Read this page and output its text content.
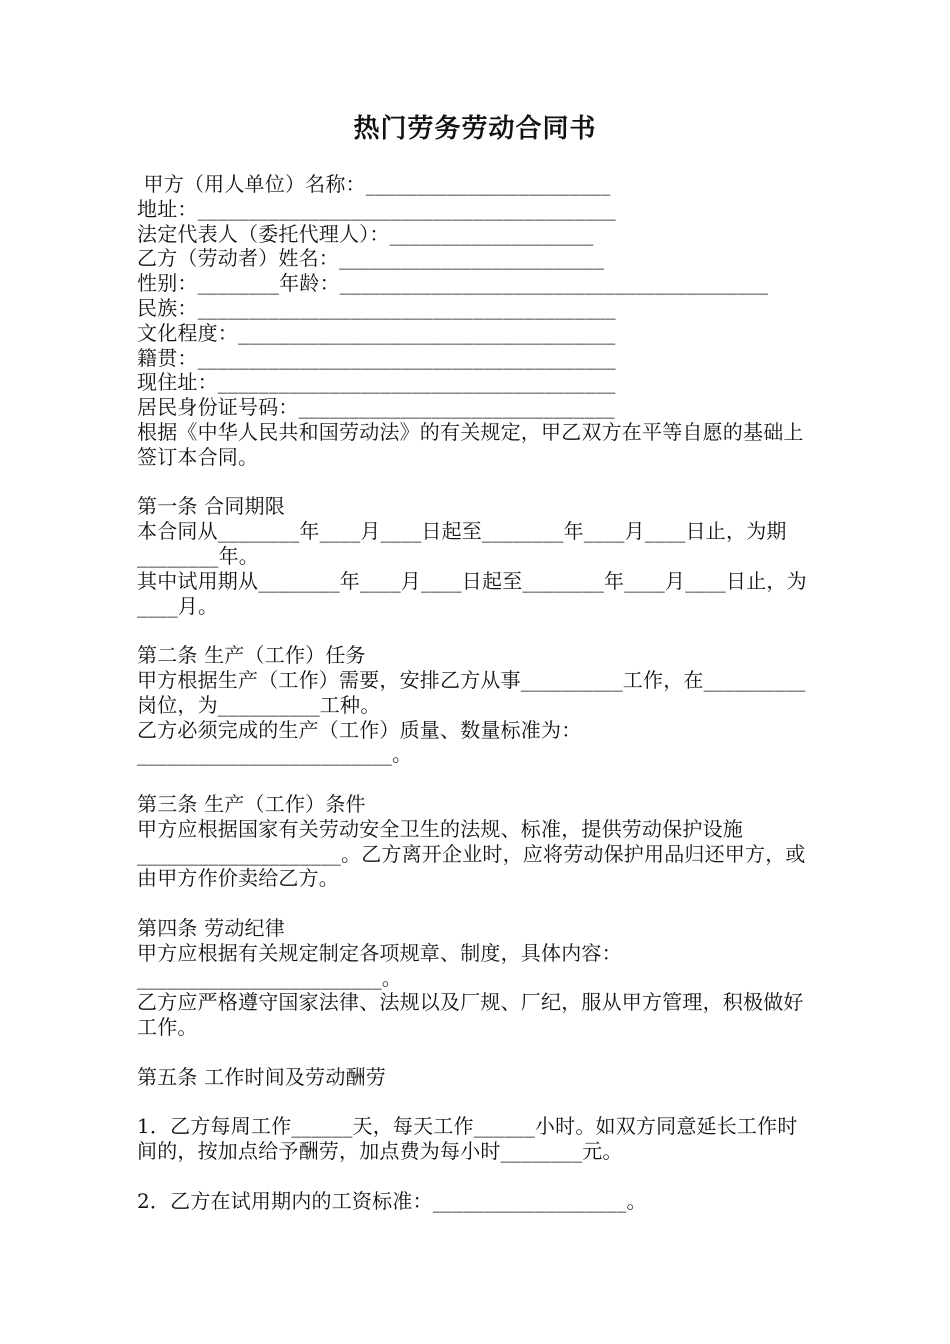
热门劳务劳动合同书
甲方（用人单位）名称：________________________
地址：_________________________________________
法定代表人（委托代理人）：____________________
乙方（劳动者）姓名：__________________________
性别：________年龄：__________________________________________
民族：_________________________________________
文化程度：_____________________________________
籍贯：_________________________________________
现住址：_______________________________________
居民身份证号码：_______________________________

根据《中华人民共和国劳动法》的有关规定，甲乙双方在平等自愿的基础上签订本合同。

第一条 合同期限

本合同从________年____月____日起至________年____月____日止，为期________年。

其中试用期从________年____月____日起至________年____月____日止，为____月。

第二条 生产（工作）任务

甲方根据生产（工作）需要，安排乙方从事__________工作，在__________岗位，为__________工种。

乙方必须完成的生产（工作）质量、数量标准为：_________________________。

第三条 生产（工作）条件

甲方应根据国家有关劳动安全卫生的法规、标准，提供劳动保护设施____________________。乙方离开企业时，应将劳动保护用品归还甲方，或由甲方作价卖给乙方。

第四条 劳动纪律

甲方应根据有关规定制定各项规章、制度，具体内容：________________________。

乙方应严格遵守国家法律、法规以及厂规、厂纪，服从甲方管理，积极做好工作。

第五条 工作时间及劳动酬劳

1．乙方每周工作______天，每天工作______小时。如双方同意延长工作时间的，按加点给予酬劳，加点费为每小时________元。

2．乙方在试用期内的工资标准：___________________。
